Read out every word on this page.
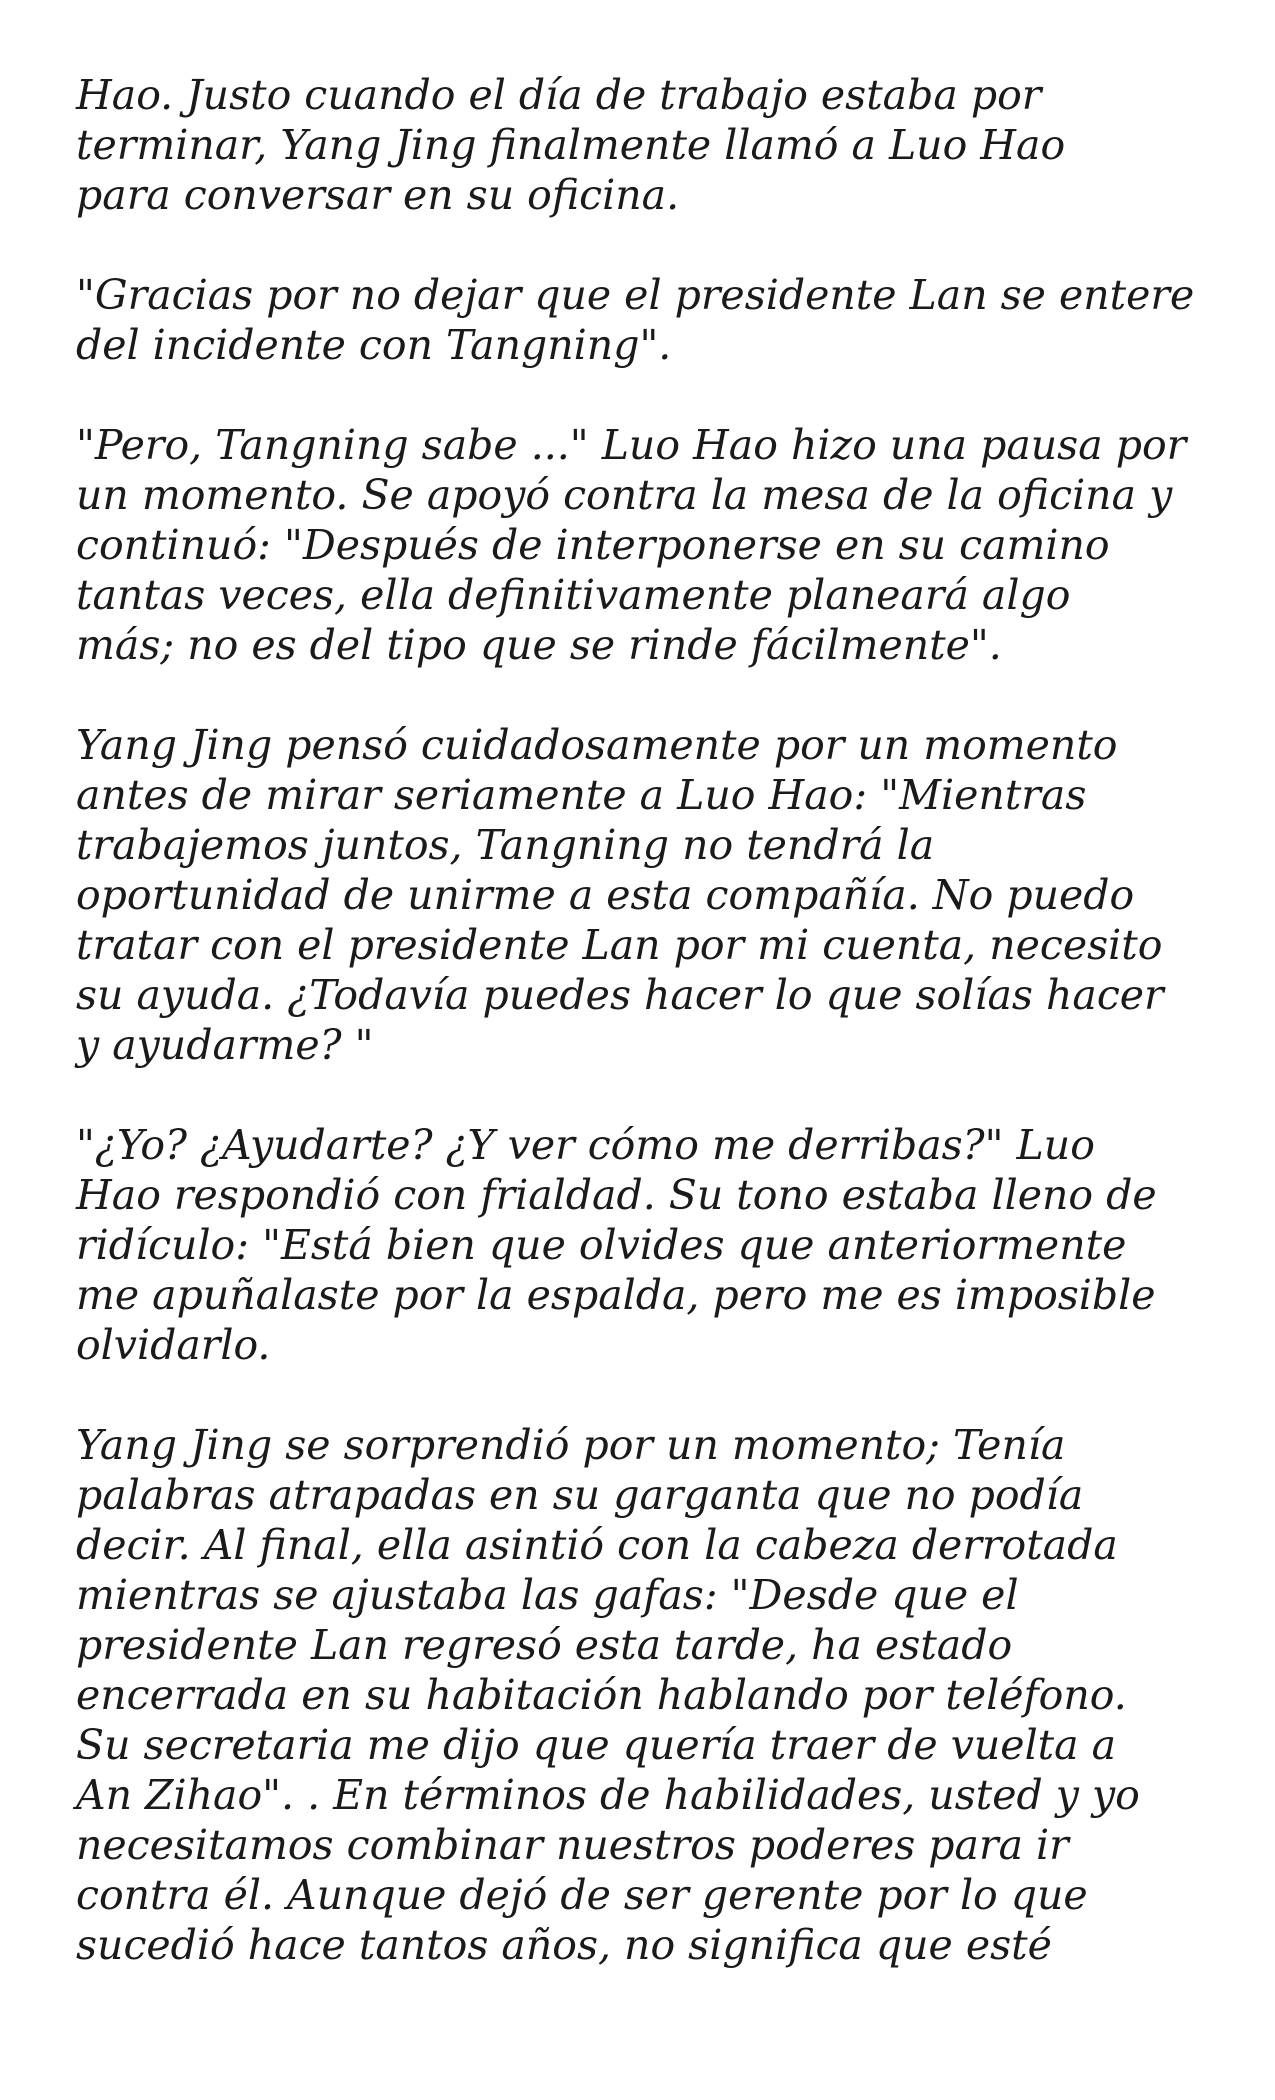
Hao. Justo cuando el día de trabajo estaba por
terminar, Yang Jing finalmente llamó a Luo Hao
para conversar en su oficina.
"Gracias por no dejar que el presidente Lan se entere
del incidente con Tangning".
"Pero, Tangning sabe ..." Luo Hao hizo una pausa por
un momento. Se apoyó contra la mesa de la oficina y
continuó: "Después de interponerse en su camino
tantas veces, ella definitivamente planeará algo
más; no es del tipo que se rinde fácilmente".
Yang Jing pensó cuidadosamente por un momento
antes de mirar seriamente a Luo Hao: "Mientras
trabajemos juntos, Tangning no tendrá la
oportunidad de unirme a esta compañía. No puedo
tratar con el presidente Lan por mi cuenta, necesito
su ayuda. ¿Todavía puedes hacer lo que solías hacer
y ayudarme? "
"¿Yo? ¿Ayudarte? ¿Y ver cómo me derribas?" Luo
Hao respondió con frialdad. Su tono estaba lleno de
ridículo: "Está bien que olvides que anteriormente
me apuñalaste por la espalda, pero me es imposible
olvidarlo.
Yang Jing se sorprendió por un momento; Tenía
palabras atrapadas en su garganta que no podía
decir. Al final, ella asintió con la cabeza derrotada
mientras se ajustaba las gafas: "Desde que el
presidente Lan regresó esta tarde, ha estado
encerrada en su habitación hablando por teléfono.
Su secretaria me dijo que quería traer de vuelta a
An Zihao". . En términos de habilidades, usted y yo
necesitamos combinar nuestros poderes para ir
contra él. Aunque dejó de ser gerente por lo que
sucedió hace tantos años, no significa que esté
